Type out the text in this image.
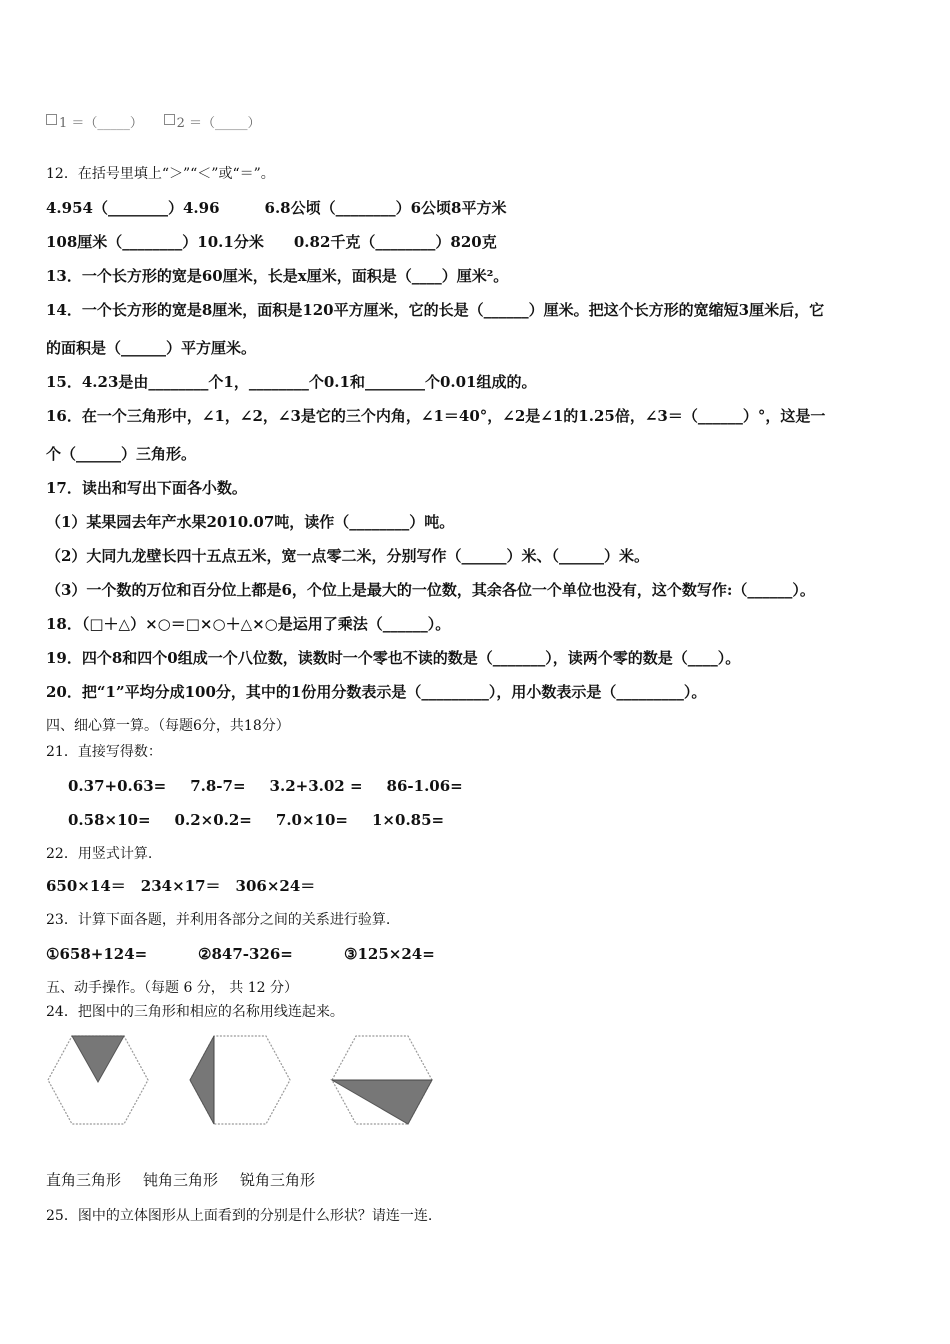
1 ＝（_____）	2 ＝（_____）
12．在括号里填上“＞”“＜”或“＝”。
4.954（________）4.96　　　6.8公顷（________）6公顷8平方米
108厘米（________）10.1分米　　0.82千克（________）820克
13．一个长方形的宽是60厘米，长是x厘米，面积是（____）厘米²。
14．一个长方形的宽是8厘米，面积是120平方厘米，它的长是（______）厘米。把这个长方形的宽缩短3厘米后，它
的面积是（______）平方厘米。
15．4.23是由________个1，________个0.1和________个0.01组成的。
16．在一个三角形中，∠1，∠2，∠3是它的三个内角，∠1＝40°，∠2是∠1的1.25倍，∠3＝（______）°，这是一
个（______）三角形。
17．读出和写出下面各小数。
（1）某果园去年产水果2010.07吨，读作（________）吨。
（2）大同九龙壁长四十五点五米，宽一点零二米，分别写作（______）米、（______）米。
（3）一个数的万位和百分位上都是6，个位上是最大的一位数，其余各位一个单位也没有，这个数写作:（______）。
18．（□＋△）×○＝□×○＋△×○是运用了乘法（______）。
19．四个8和四个0组成一个八位数，读数时一个零也不读的数是（_______），读两个零的数是（____）。
20．把“1”平均分成100分，其中的1份用分数表示是（_________），用小数表示是（_________）。
四、细心算一算。（每题6分，共18分）
21．直接写得数：
0.37+0.63= 7.8-7= 3.2+3.02 = 86-1.06=
0.58×10= 0.2×0.2= 7.0×10= 1×0.85=
22．用竖式计算.
650×14＝　234×17＝　306×24＝
23．计算下面各题，并利用各部分之间的关系进行验算.
①658+124=	②847-326=	③125×24=
五、动手操作。（每题 6 分， 共 12 分）
24．把图中的三角形和相应的名称用线连起来。
直角三角形 钝角三角形 锐角三角形
25．图中的立体图形从上面看到的分别是什么形状？请连一连.
